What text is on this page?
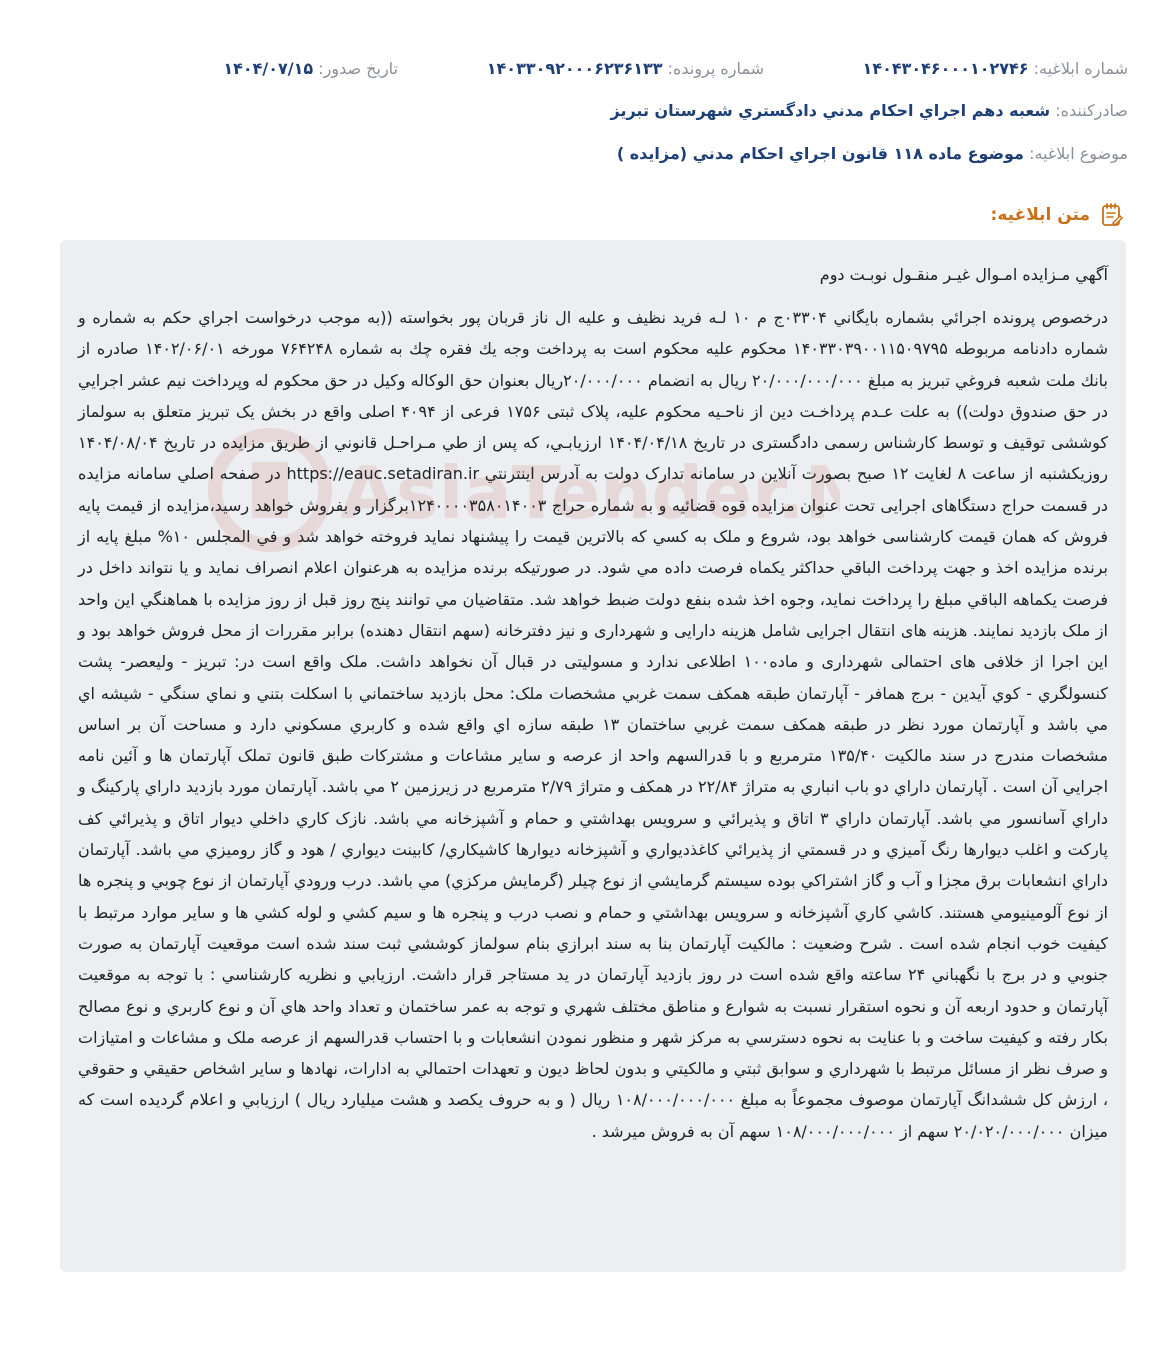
شماره ابلاغيه: ۱۴۰۴۳۰۴۶۰۰۰۱۰۲۷۴۶
شماره پرونده: ۱۴۰۳۳۰۹۲۰۰۰۶۲۳۶۱۳۳
تاريخ صدور: ۱۴۰۴/۰۷/۱۵
صادرکننده: شعبه دهم اجراي احکام مدني دادگستري شهرستان تبريز
موضوع ابلاغيه: موضوع ماده ۱۱۸ قانون اجراي احکام مدني (مزايده )
متن ابلاغيه:
AsiaTender.N

آگهي مـزايده امـوال غيـر منقـول نوبـت دوم

درخصوص پرونده اجرائي بشماره بايگاني ۰۳۳۰۴ج م ۱۰ لـه فريد نظيف و عليه ال ناز قربان پور بخواسته ((به موجب درخواست اجراي حكم به شماره و شماره دادنامه مربوطه ۱۴۰۳۳۰۳۹۰۰۱۱۵۰۹۷۹۵ محكوم عليه محكوم است به پرداخت وجه يك فقره چك به شماره ۷۶۴۲۴۸ مورخه ۱۴۰۲/۰۶/۰۱ صادره از بانك ملت شعبه فروغي تبريز به مبلغ ۲۰/۰۰۰/۰۰۰/۰۰۰ ريال به انضمام ۲۰/۰۰۰/۰۰۰ريال بعنوان حق الوكاله وكيل در حق محكوم له وپرداخت نيم عشر اجرايي در حق صندوق دولت)) به علت عـدم پرداخـت دين از ناحـيه محكوم عليه، پلاک ثبتی ۱۷۵۶ فرعی از ۴۰۹۴ اصلی واقع در بخش یک تبریز متعلق به سولماز کوششی توقیف و توسط کارشناس رسمی دادگستری در تاريخ ۱۴۰۴/۰۴/۱۸ ارزيابـي، که پس از طي مـراحـل قانوني از طريق مزايده در تاريخ ۱۴۰۴/۰۸/۰۴ روزیکشنبه از ساعت ۸ لغایت ۱۲ صبح بصورت آنلاين در سامانه تدارک دولت به آدرس اينترنتي https://eauc.setadiran.ir در صفحه اصلي سامانه مزايده در قسمت حراج دستگاهای اجرایی تحت عنوان مزايده قوه قضائيه و به شماره حراج ۱۲۴۰۰۰۰۳۵۸۰۱۴۰۰۳برگزار و بفروش خواهد رسيد،مزايده از قيمت پايه فروش که همان قيمت کارشناسی خواهد بود، شروع و ملک به کسي که بالاترين قيمت را پيشنهاد نمايد فروخته خواهد شد و في المجلس ۱۰% مبلغ پايه از برنده مزايده اخذ و جهت پرداخت الباقي حداکثر يکماه فرصت داده مي شود. در صورتيکه برنده مزايده به هرعنوان اعلام انصراف نمايد و يا نتواند داخل در فرصت يکماهه الباقي مبلغ را پرداخت نمايد، وجوه اخذ شده بنفع دولت ضبط خواهد شد. متقاضيان مي توانند پنج روز قبل از روز مزايده با هماهنگي اين واحد از ملک بازديد نمايند. هزينه های انتقال اجرايی شامل هزينه دارايی و شهرداری و نيز دفترخانه (سهم انتقال دهنده) برابر مقررات از محل فروش خواهد بود و اين اجرا از خلافی های احتمالی شهرداری و ماده۱۰۰ اطلاعی ندارد و مسوليتی در قبال آن نخواهد داشت. ملک واقع است در: تبريز - وليعصر- پشت کنسولگري - کوي آيدين - برج همافر - آپارتمان طبقه همکف سمت غربي مشخصات ملک: محل بازديد ساختماني با اسکلت بتني و نماي سنگي - شيشه اي مي باشد و آپارتمان مورد نظر در طبقه همکف سمت غربي ساختمان ۱۳ طبقه سازه اي واقع شده و کاربري مسکوني دارد و مساحت آن بر اساس مشخصات مندرج در سند مالکيت ۱۳۵/۴۰ مترمربع و با قدرالسهم واحد از عرصه و ساير مشاعات و مشترکات طبق قانون تملک آپارتمان ها و آئين نامه اجرايي آن است . آپارتمان داراي دو باب انباري به متراژ ۲۲/۸۴ در همکف و متراژ ۲/۷۹ مترمربع در زيرزمين ۲ مي باشد. آپارتمان مورد بازديد داراي پارکينگ و داراي آسانسور مي باشد. آپارتمان داراي ۳ اتاق و پذيرائي و سرويس بهداشتي و حمام و آشپزخانه مي باشد. نازک کاري داخلي ديوار اتاق و پذيرائي کف پارکت و اغلب ديوارها رنگ آميزي و در قسمتي از پذيرائي کاغذديواري و آشپزخانه ديوارها کاشيکاري/ کابينت ديواري / هود و گاز روميزي مي باشد. آپارتمان داراي انشعابات برق مجزا و آب و گاز اشتراکي بوده سيستم گرمايشي از نوع چيلر (گرمايش مرکزي) مي باشد. درب ورودي آپارتمان از نوع چوبي و پنجره ها از نوع آلومينيومي هستند. کاشي کاري آشپزخانه و سرويس بهداشتي و حمام و نصب درب و پنجره ها و سيم کشي و لوله کشي ها و ساير موارد مرتبط با کيفيت خوب انجام شده است . شرح وضعيت : مالکيت آپارتمان بنا به سند ابرازي بنام سولماز کوششي ثبت سند شده است موقعيت آپارتمان به صورت جنوبي و در برج با نگهباني ۲۴ ساعته واقع شده است در روز بازديد آپارتمان در يد مستاجر قرار داشت. ارزيابي و نظريه کارشناسي : با توجه به موقعيت آپارتمان و حدود اربعه آن و نحوه استقرار نسبت به شوارع و مناطق مختلف شهري و توجه به عمر ساختمان و تعداد واحد هاي آن و نوع کاربري و نوع مصالح بکار رفته و کيفيت ساخت و با عنايت به نحوه دسترسي به مرکز شهر و منظور نمودن انشعابات و با احتساب قدرالسهم از عرصه ملک و مشاعات و امتيازات و صرف نظر از مسائل مرتبط با شهرداري و سوابق ثبتي و مالکيتي و بدون لحاظ ديون و تعهدات احتمالي به ادارات، نهادها و ساير اشخاص حقيقي و حقوقي ، ارزش کل ششدانگ آپارتمان موصوف مجموعاً به مبلغ ۱۰۸/۰۰۰/۰۰۰/۰۰۰ ريال ( و به حروف يکصد و هشت ميليارد ريال ) ارزيابي و اعلام گرديده است که ميزان ۲۰/۰۲۰/۰۰۰/۰۰۰ سهم از ۱۰۸/۰۰۰/۰۰۰/۰۰۰ سهم آن به فروش ميرشد .
